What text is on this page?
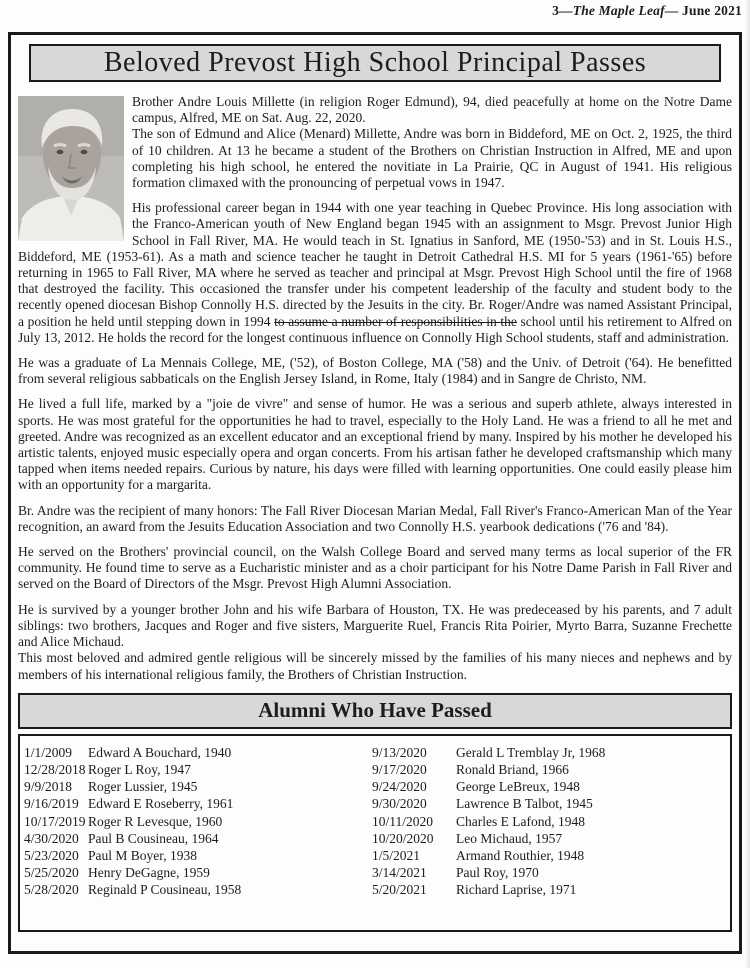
3—The Maple Leaf— June 2021
Beloved Prevost High School Principal Passes

Brother Andre Louis Millette (in religion Roger Edmund), 94, died peacefully at home on the Notre Dame campus, Alfred, ME on Sat. Aug. 22, 2020.

The son of Edmund and Alice (Menard) Millette, Andre was born in Biddeford, ME on Oct. 2, 1925, the third of 10 children. At 13 he became a student of the Brothers on Christian Instruction in Alfred, ME and upon completing his high school, he entered the novitiate in La Prairie, QC in August of 1941. His religious formation climaxed with the pronouncing of perpetual vows in 1947.

His professional career began in 1944 with one year teaching in Quebec Province. His long association with the Franco-American youth of New England began 1945 with an assignment to Msgr. Prevost Junior High School in Fall River, MA. He would teach in St. Ignatius in Sanford, ME (1950-'53) and in St. Louis H.S., Biddeford, ME (1953-61). As a math and science teacher he taught in Detroit Cathedral H.S. MI for 5 years (1961-'65) before returning in 1965 to Fall River, MA where he served as teacher and principal at Msgr. Prevost High School until the fire of 1968 that destroyed the facility. This occasioned the transfer under his competent leadership of the faculty and student body to the recently opened diocesan Bishop Connolly H.S. directed by the Jesuits in the city. Br. Roger/Andre was named Assistant Principal, a position he held until stepping down in 1994 to assume a number of responsibilities in the school until his retirement to Alfred on July 13, 2012. He holds the record for the longest continuous influence on Connolly High School students, staff and administration.

He was a graduate of La Mennais College, ME, ('52), of Boston College, MA ('58) and the Univ. of Detroit ('64). He benefitted from several religious sabbaticals on the English Jersey Island, in Rome, Italy (1984) and in Sangre de Christo, NM.

He lived a full life, marked by a "joie de vivre" and sense of humor. He was a serious and superb athlete, always interested in sports. He was most grateful for the opportunities he had to travel, especially to the Holy Land. He was a friend to all he met and greeted. Andre was recognized as an excellent educator and an exceptional friend by many. Inspired by his mother he developed his artistic talents, enjoyed music especially opera and organ concerts. From his artisan father he developed craftsmanship which many tapped when items needed repairs. Curious by nature, his days were filled with learning opportunities. One could easily please him with an opportunity for a margarita.

Br. Andre was the recipient of many honors: The Fall River Diocesan Marian Medal, Fall River's Franco-American Man of the Year recognition, an award from the Jesuits Education Association and two Connolly H.S. yearbook dedications ('76 and '84).

He served on the Brothers' provincial council, on the Walsh College Board and served many terms as local superior of the FR community. He found time to serve as a Eucharistic minister and as a choir participant for his Notre Dame Parish in Fall River and served on the Board of Directors of the Msgr. Prevost High Alumni Association.

He is survived by a younger brother John and his wife Barbara of Houston, TX. He was predeceased by his parents, and 7 adult siblings: two brothers, Jacques and Roger and five sisters, Marguerite Ruel, Francis Rita Poirier, Myrto Barra, Suzanne Frechette and Alice Michaud.

This most beloved and admired gentle religious will be sincerely missed by the families of his many nieces and nephews and by members of his international religious family, the Brothers of Christian Instruction.

Alumni Who Have Passed
1/1/2009	Edward A Bouchard, 1940
12/28/2018 Roger L Roy, 1947
9/9/2018	Roger Lussier, 1945
9/16/2019 Edward E Roseberry, 1961
10/17/2019 Roger R Levesque, 1960
4/30/2020 Paul B Cousineau, 1964
5/23/2020 Paul M Boyer, 1938
5/25/2020 Henry DeGagne, 1959
5/28/2020 Reginald P Cousineau, 1958
9/13/2020	Gerald L Tremblay Jr, 1968
9/17/2020	Ronald Briand, 1966
9/24/2020	George LeBreux, 1948
9/30/2020	Lawrence B Talbot, 1945
10/11/2020	Charles E Lafond, 1948
10/20/2020	Leo Michaud, 1957
1/5/2021	Armand Routhier, 1948
3/14/2021	Paul Roy, 1970
5/20/2021	Richard Laprise, 1971
